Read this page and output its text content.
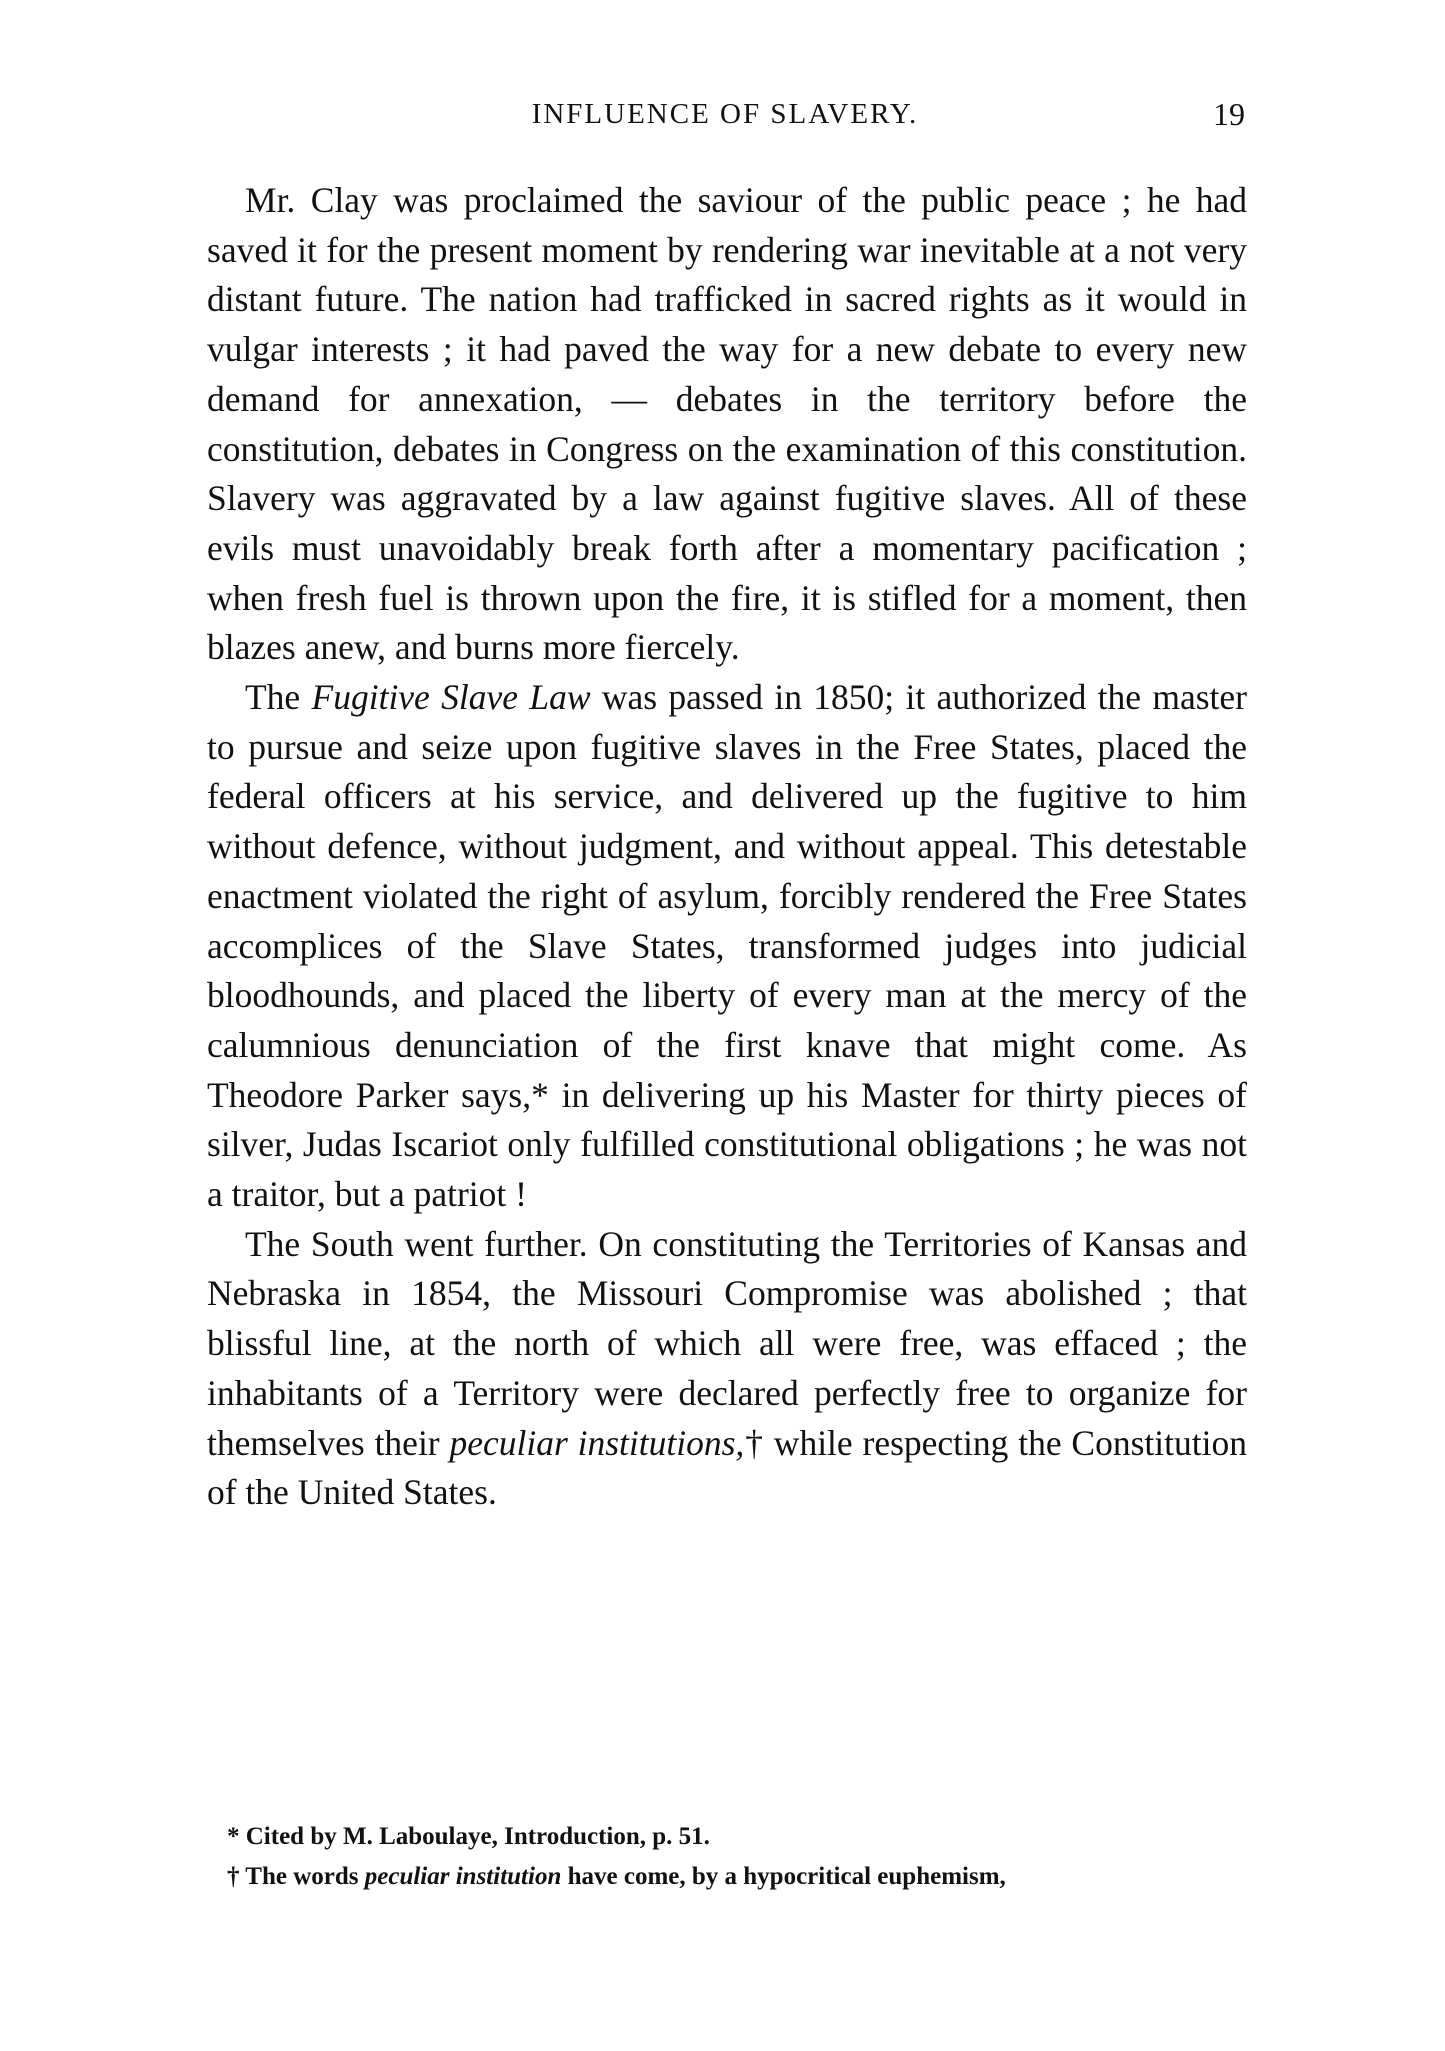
INFLUENCE OF SLAVERY.	19

Mr. Clay was proclaimed the saviour of the public peace ; he had saved it for the present moment by rendering war inevitable at a not very distant future. The nation had trafficked in sacred rights as it would in vulgar interests ; it had paved the way for a new debate to every new demand for annexation, — debates in the territory before the constitution, debates in Congress on the examination of this constitution. Slavery was aggravated by a law against fugitive slaves. All of these evils must unavoidably break forth after a momentary pacification ; when fresh fuel is thrown upon the fire, it is stifled for a moment, then blazes anew, and burns more fiercely.

The Fugitive Slave Law was passed in 1850; it authorized the master to pursue and seize upon fugitive slaves in the Free States, placed the federal officers at his service, and delivered up the fugitive to him without defence, without judgment, and without appeal. This detestable enactment violated the right of asylum, forcibly rendered the Free States accomplices of the Slave States, transformed judges into judicial bloodhounds, and placed the liberty of every man at the mercy of the calumnious denunciation of the first knave that might come. As Theodore Parker says,* in delivering up his Master for thirty pieces of silver, Judas Iscariot only fulfilled constitutional obligations ; he was not a traitor, but a patriot !

The South went further. On constituting the Territories of Kansas and Nebraska in 1854, the Missouri Compromise was abolished ; that blissful line, at the north of which all were free, was effaced ; the inhabitants of a Territory were declared perfectly free to organize for themselves their peculiar institutions,† while respecting the Constitution of the United States.

* Cited by M. Laboulaye, Introduction, p. 51.

† The words peculiar institution have come, by a hypocritical euphemism,
